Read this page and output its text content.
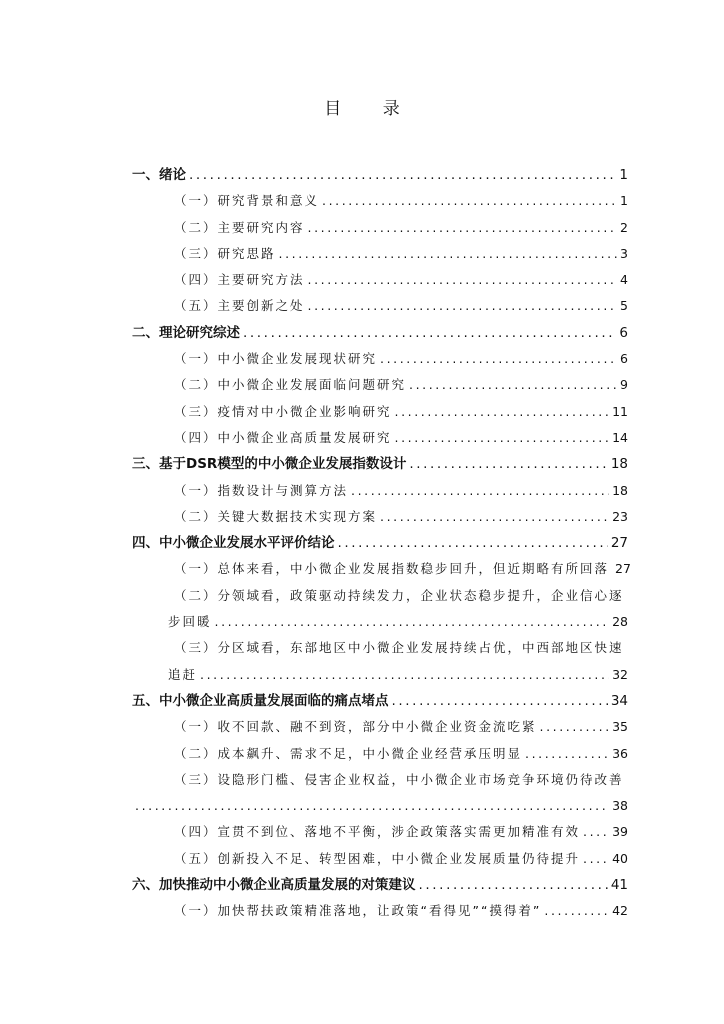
目 录
一、绪论 .....	1
（一）研究背景和意义 .....	1
（二）主要研究内容 .....	2
（三）研究思路 .....	3
（四）主要研究方法 .....	4
（五）主要创新之处 .....	5
二、理论研究综述 .....	6
（一）中小微企业发展现状研究 .....	6
（二）中小微企业发展面临问题研究 .....	9
（三）疫情对中小微企业影响研究 .....	11
（四）中小微企业高质量发展研究 .....	14
三、基于DSR模型的中小微企业发展指数设计 .....	18
（一）指数设计与测算方法 .....	18
（二）关键大数据技术实现方案 .....	23
四、中小微企业发展水平评价结论 .....	27
（一）总体来看，中小微企业发展指数稳步回升，但近期略有所回落 27
（二）分领域看，政策驱动持续发力，企业状态稳步提升，企业信心逐
步回暖 .....	28
（三）分区域看，东部地区中小微企业发展持续占优，中西部地区快速
追赶 .....	32
五、中小微企业高质量发展面临的痛点堵点 .....	34
（一）收不回款、融不到资，部分中小微企业资金流吃紧 .....	35
（二）成本飙升、需求不足，中小微企业经营承压明显 .....	36
（三）设隐形门槛、侵害企业权益，中小微企业市场竞争环境仍待改善
.....
38
（四）宣贯不到位、落地不平衡，涉企政策落实需更加精准有效 .....	39
（五）创新投入不足、转型困难，中小微企业发展质量仍待提升 .....	40
六、加快推动中小微企业高质量发展的对策建议 .....	41
（一）加快帮扶政策精准落地，让政策“看得见”“摸得着” .....	42
